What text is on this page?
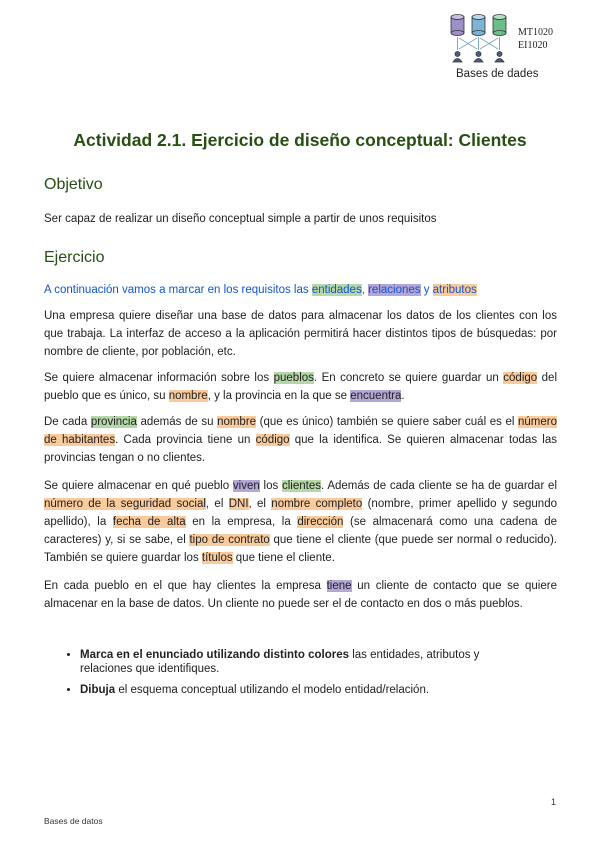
MT1020
EI1020
Bases de dades
Actividad 2.1. Ejercicio de diseño conceptual: Clientes
Objetivo

Ser capaz de realizar un diseño conceptual simple a partir de unos requisitos

Ejercicio

A continuación vamos a marcar en los requisitos las entidades, relaciones y atributos

Una empresa quiere diseñar una base de datos para almacenar los datos de los clientes con los que trabaja. La interfaz de acceso a la aplicación permitirá hacer distintos tipos de búsquedas: por nombre de cliente, por población, etc.

Se quiere almacenar información sobre los pueblos. En concreto se quiere guardar un código del pueblo que es único, su nombre, y la provincia en la que se encuentra.

De cada provincia además de su nombre (que es único) también se quiere saber cuál es el número de habitantes. Cada provincia tiene un código que la identifica. Se quieren almacenar todas las provincias tengan o no clientes.

Se quiere almacenar en qué pueblo viven los clientes. Además de cada cliente se ha de guardar el número de la seguridad social, el DNI, el nombre completo (nombre, primer apellido y segundo apellido), la fecha de alta en la empresa, la dirección (se almacenará como una cadena de caracteres) y, si se sabe, el tipo de contrato que tiene el cliente (que puede ser normal o reducido). También se quiere guardar los títulos que tiene el cliente.

En cada pueblo en el que hay clientes la empresa tiene un cliente de contacto que se quiere almacenar en la base de datos. Un cliente no puede ser el de contacto en dos o más pueblos.

• Marca en el enunciado utilizando distinto colores las entidades, atributos y relaciones que identifiques.
• Dibuja el esquema conceptual utilizando el modelo entidad/relación.
1
Bases de datos
